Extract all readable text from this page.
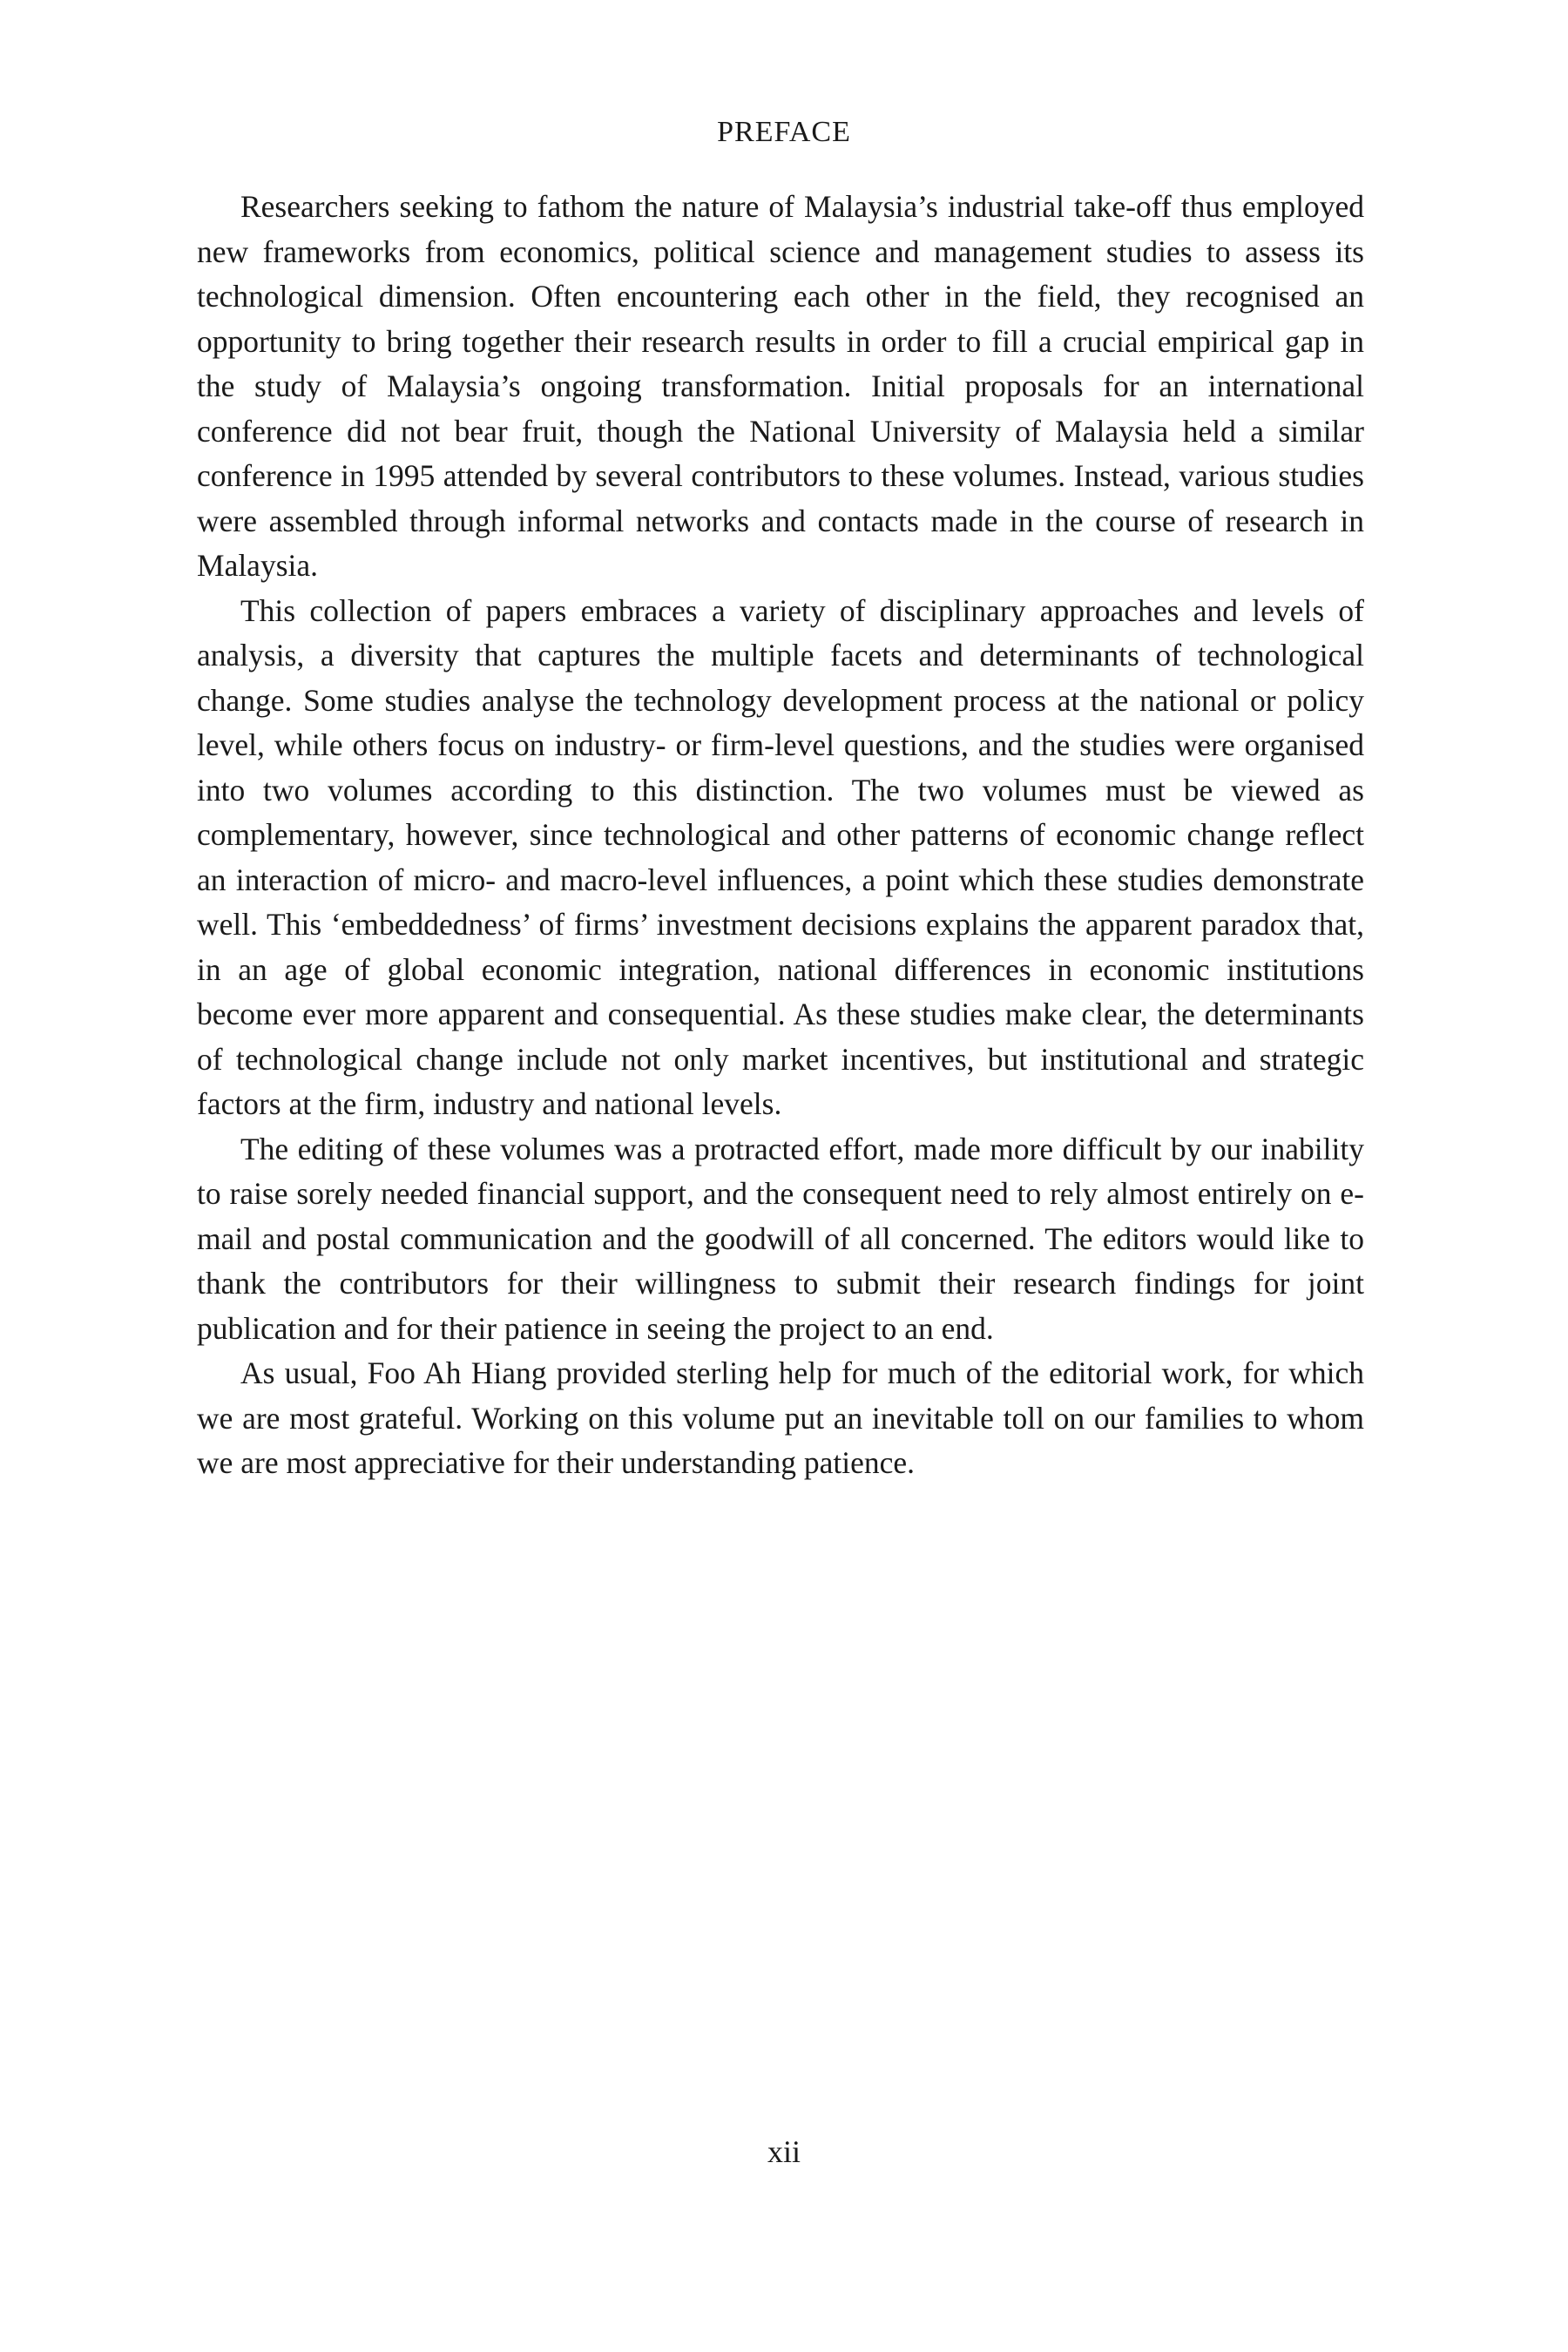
PREFACE

Researchers seeking to fathom the nature of Malaysia’s industrial take-off thus employed new frameworks from economics, political science and management studies to assess its technological dimension. Often encountering each other in the field, they recognised an opportunity to bring together their research results in order to fill a crucial empirical gap in the study of Malaysia’s ongoing transformation. Initial proposals for an international conference did not bear fruit, though the National University of Malaysia held a similar conference in 1995 attended by several contributors to these volumes. Instead, various studies were assembled through informal networks and contacts made in the course of research in Malaysia.

This collection of papers embraces a variety of disciplinary approaches and levels of analysis, a diversity that captures the multiple facets and determinants of technological change. Some studies analyse the technology development process at the national or policy level, while others focus on industry- or firm-level questions, and the studies were organised into two volumes according to this distinction. The two volumes must be viewed as complementary, however, since technological and other patterns of economic change reflect an interaction of micro- and macro-level influences, a point which these studies demonstrate well. This ‘embeddedness’ of firms’ investment decisions explains the apparent paradox that, in an age of global economic integration, national differences in economic institutions become ever more apparent and consequential. As these studies make clear, the determinants of technological change include not only market incentives, but institutional and strategic factors at the firm, industry and national levels.

The editing of these volumes was a protracted effort, made more difficult by our inability to raise sorely needed financial support, and the consequent need to rely almost entirely on e-mail and postal communication and the goodwill of all concerned. The editors would like to thank the contributors for their willingness to submit their research findings for joint publication and for their patience in seeing the project to an end.

As usual, Foo Ah Hiang provided sterling help for much of the editorial work, for which we are most grateful. Working on this volume put an inevitable toll on our families to whom we are most appreciative for their understanding patience.

xii
